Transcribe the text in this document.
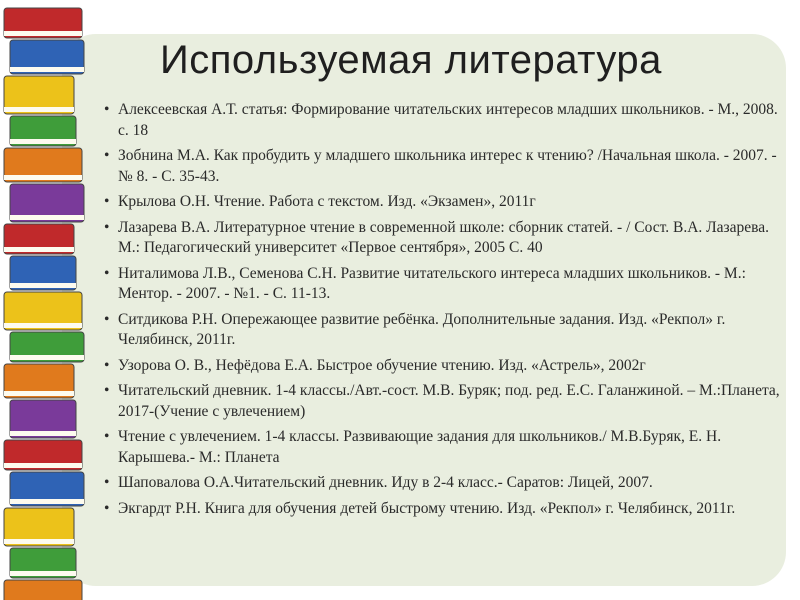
Используемая литература
• Алексеевская А.Т. статья: Формирование читательских интересов младших школьников. - М., 2008. с. 18
• Зобнина М.А. Как пробудить у младшего школьника интерес к чтению? /Начальная школа. - 2007. - № 8. - С. 35-43.
• Крылова О.Н. Чтение. Работа с текстом. Изд. «Экзамен», 2011г
• Лазарева В.А. Литературное чтение в современной школе: сборник статей. - / Сост. В.А. Лазарева. М.: Педагогический университет «Первое сентября», 2005 С. 40
• Ниталимова Л.В., Семенова С.Н. Развитие читательского интереса младших школьников. - М.: Ментор. - 2007. - №1. - С. 11-13.
• Ситдикова Р.Н. Опережающее развитие ребёнка. Дополнительные задания. Изд. «Рекпол» г. Челябинск, 2011г.
• Узорова О. В., Нефёдова Е.А. Быстрое обучение чтению. Изд. «Астрель», 2002г
• Читательский дневник. 1-4 классы./Авт.-сост. М.В. Буряк; под. ред. Е.С. Галанжиной. – М.:Планета, 2017-(Учение с увлечением)
• Чтение с увлечением. 1-4 классы. Развивающие задания для школьников./ М.В.Буряк, Е. Н. Карышева.- М.: Планета
• Шаповалова О.А.Читательский дневник. Иду в 2-4 класс.- Саратов: Лицей, 2007.
• Экгардт Р.Н. Книга для обучения детей быстрому чтению. Изд. «Рекпол» г. Челябинск, 2011г.
